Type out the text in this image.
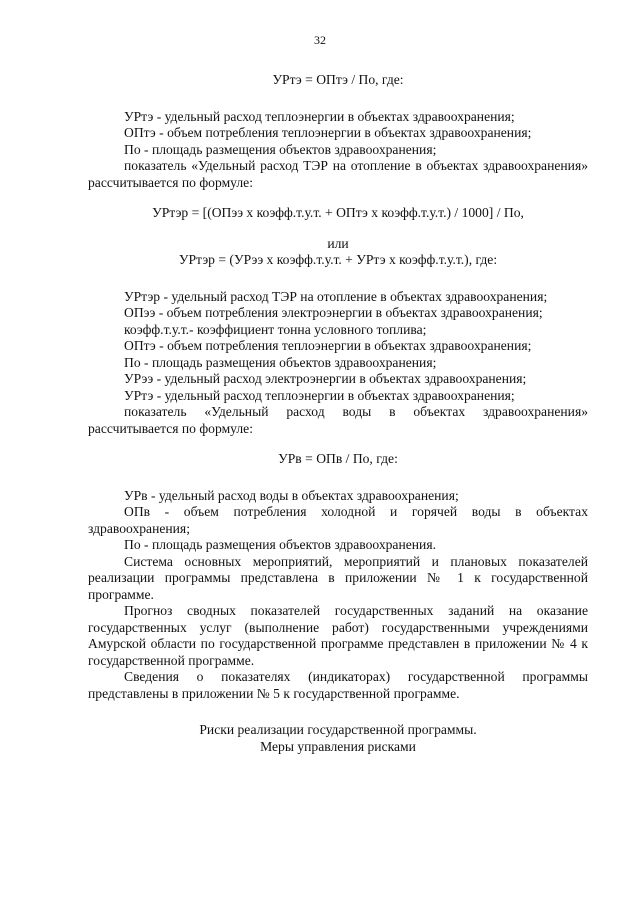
32

УРтэ = ОПтэ / По, где:

УРтэ - удельный расход теплоэнергии в объектах здравоохранения;

ОПтэ - объем потребления теплоэнергии в объектах здравоохранения;

По - площадь размещения объектов здравоохранения;

показатель «Удельный расход ТЭР на отопление в объектах здравоохранения» рассчитывается по формуле:

УРтэр = [(ОПээ x коэфф.т.у.т. + ОПтэ x коэфф.т.у.т.) / 1000] / По,

или

УРтэр = (УРээ x коэфф.т.у.т. + УРтэ x коэфф.т.у.т.), где:

УРтэр - удельный расход ТЭР на отопление в объектах здравоохранения;

ОПээ - объем потребления электроэнергии в объектах здравоохранения;

коэфф.т.у.т.- коэффициент тонна условного топлива;

ОПтэ - объем потребления теплоэнергии в объектах здравоохранения;

По - площадь размещения объектов здравоохранения;

УРээ - удельный расход электроэнергии в объектах здравоохранения;

УРтэ - удельный расход теплоэнергии в объектах здравоохранения;

показатель «Удельный расход воды в объектах здравоохранения» рассчитывается по формуле:

УРв = ОПв / По, где:

УРв - удельный расход воды в объектах здравоохранения;

ОПв - объем потребления холодной и горячей воды в объектах здравоохранения;

По - площадь размещения объектов здравоохранения.

Система основных мероприятий, мероприятий и плановых показателей реализации программы представлена в приложении № 1 к государственной программе.

Прогноз сводных показателей государственных заданий на оказание государственных услуг (выполнение работ) государственными учреждениями Амурской области по государственной программе представлен в приложении № 4 к государственной программе.

Сведения о показателях (индикаторах) государственной программы представлены в приложении № 5 к государственной программе.

Риски реализации государственной программы.

Меры управления рисками
